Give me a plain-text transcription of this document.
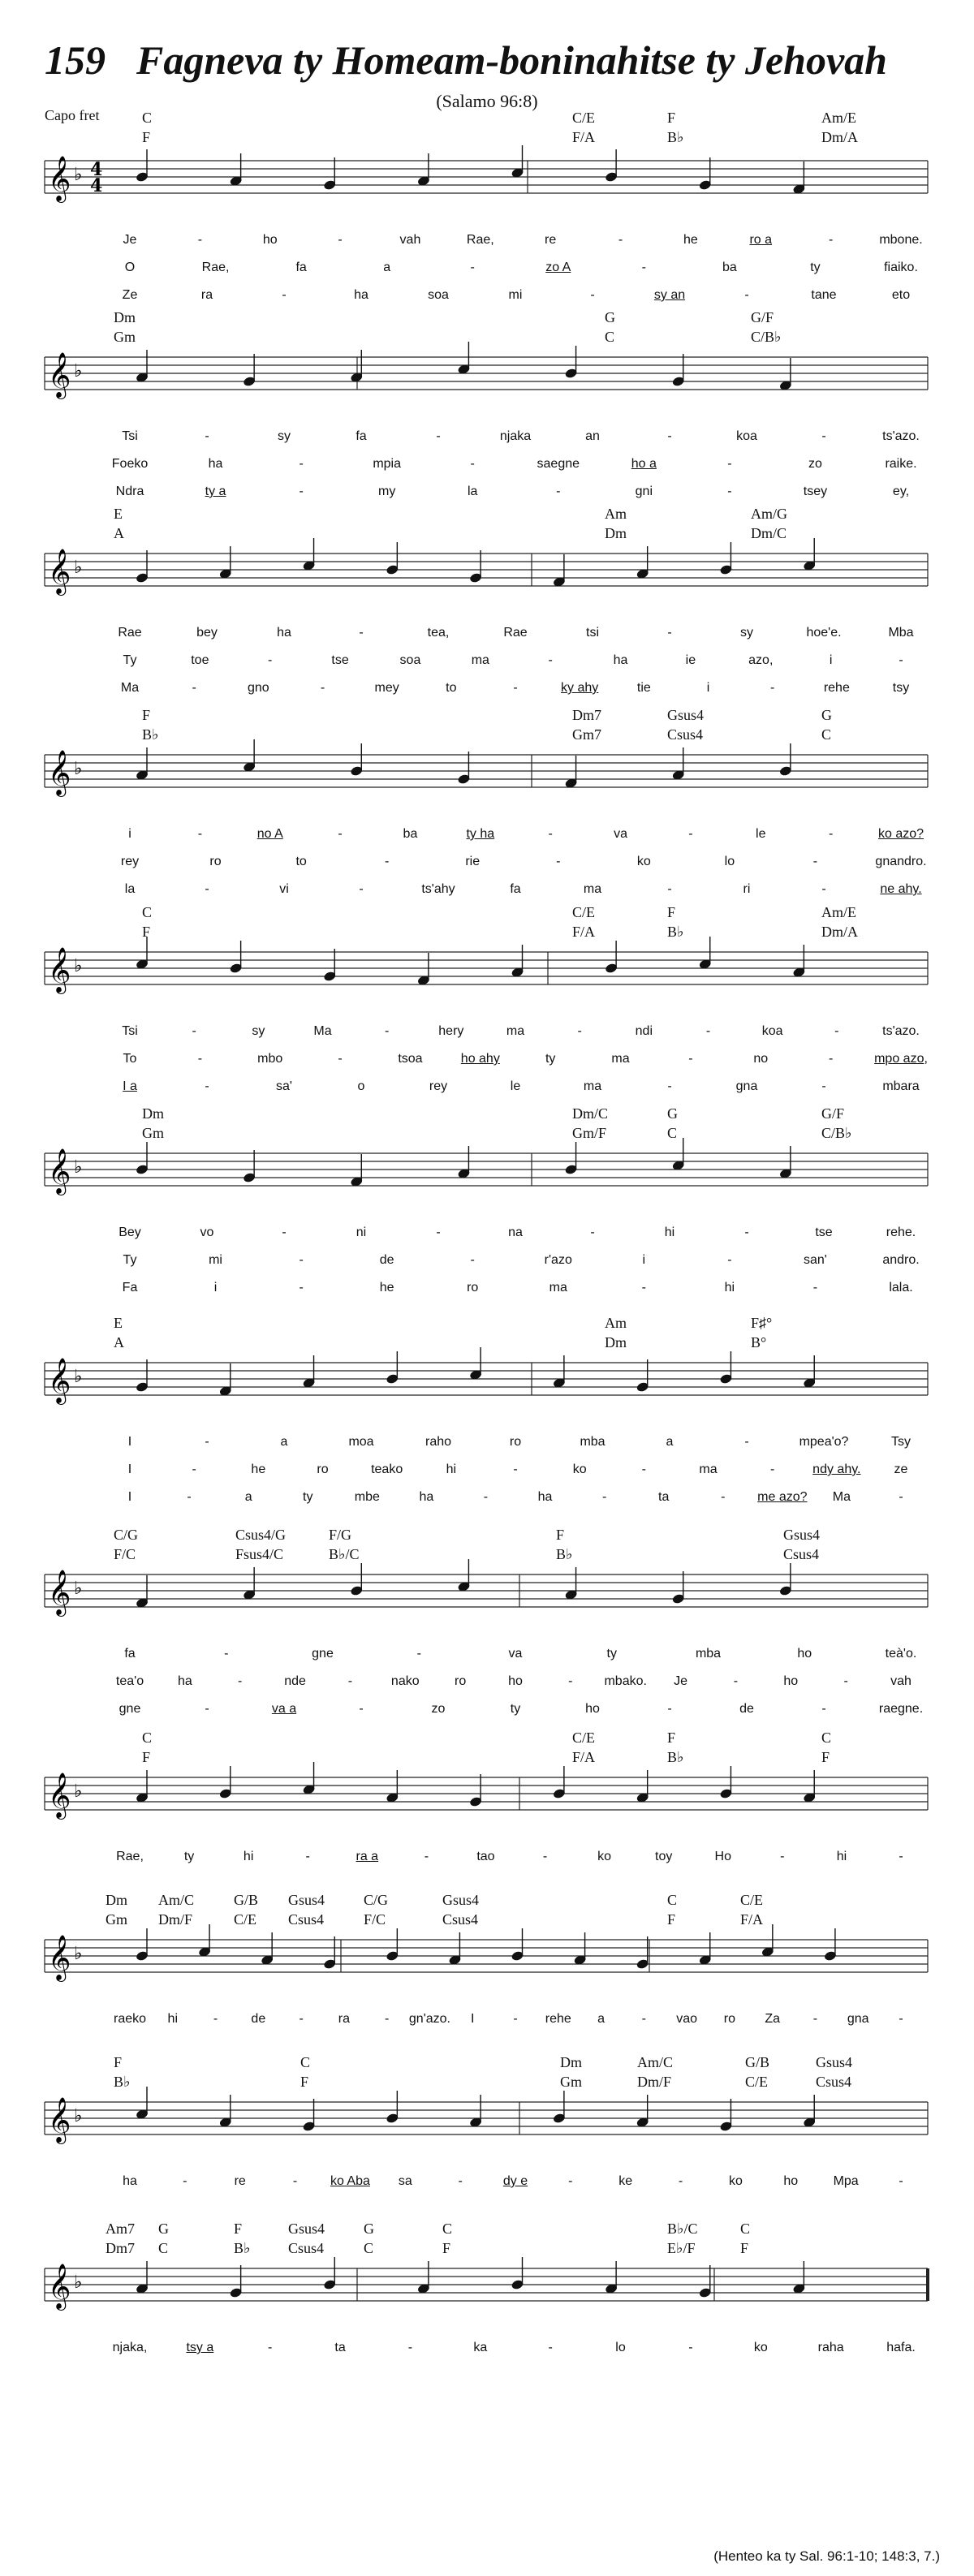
159 Fagneva ty Homeam-boninahitse ty Jehovah
(Salamo 96:8)
Capo fret	C
F
C/E
F/A
F
B♭
Am/E
Dm/A
𝄞 ♭ 4
4
Je	-	ho	-	vah	Rae,	re	-	he	ro a	-	mbone.
O	Rae,	fa	a	-	zo A	-	ba	ty	fiaiko.
Ze	ra	-	ha	soa	mi	-	sy an	-	tane	eto
Dm
Gm
G
C
G/F
C/B♭
𝄞 ♭
Tsi	-	sy	fa	-	njaka	an	-	koa	-	ts'azo.
Foeko	ha	-	mpia	-	saegne	ho a	-	zo	raike.
Ndra	ty a	-	my	la	-	gni	-	tsey	ey,
E
A
Am
Dm
Am/G
Dm/C
𝄞 ♭
Rae	bey	ha	-	tea,	Rae	tsi	-	sy	hoe'e.	Mba
Ty	toe	-	tse	soa	ma	-	ha	ie	azo,	i	-
Ma	-	gno	-	mey	to	-	ky ahy	tie	i	-	rehe	tsy
F
B♭
Dm7
Gm7
Gsus4
Csus4
G
C
𝄞 ♭
i	-	no A	-	ba	ty ha	-	va	-	le	-	ko azo?
rey	ro	to	-	rie	-	ko	lo	-	gnandro.
la	-	vi	-	ts'ahy	fa	ma	-	ri	-	ne ahy.
C
F
C/E
F/A
F
B♭
Am/E
Dm/A
𝄞 ♭
Tsi	-	sy	Ma	-	hery	ma	-	ndi	-	koa	-	ts'azo.
To	-	mbo	-	tsoa	ho ahy	ty	ma	-	no	-	mpo azo,
I a	-	sa'	o	rey	le	ma	-	gna	-	mbara
Dm
Gm
Dm/C
Gm/F
G
C
G/F
C/B♭
𝄞 ♭
Bey	vo	-	ni	-	na	-	hi	-	tse	rehe.
Ty	mi	-	de	-	r'azo	i	-	san'	andro.
Fa	i	-	he	ro	ma	-	hi	-	lala.
E
A
Am
Dm
F♯°
B°
𝄞 ♭
I	-	a	moa	raho	ro	mba	a	-	mpea'o?	Tsy
I	-	he	ro	teako	hi	-	ko	-	ma	-	ndy ahy.	ze
I	-	a	ty	mbe	ha	-	ha	-	ta	- me azo? Ma	-
C/G
F/C
Csus4/G
Fsus4/C
F/G
B♭/C
F
B♭
Gsus4
Csus4
𝄞 ♭
fa	-	gne	-	va	ty	mba	ho	teà'o.
tea'o	ha	-	nde	-	nako	ro	ho	- mbako. Je	-	ho	-	vah
gne	-	va a	-	zo	ty	ho	-	de	-	raegne.
C
F
C/E
F/A
F
B♭
C
F
𝄞 ♭
Rae,	ty	hi	-	ra a	-	tao	-	ko	toy	Ho	-	hi	-
Dm
Gm
Am/C
Dm/F
G/B
C/E
Gsus4
Csus4
C/G
F/C
Gsus4
Csus4
C
F
C/E
F/A
𝄞 ♭
raeko hi	-	de	-	ra	- gn'azo. I	- rehe a	- vao ro Za	- gna -
F
B♭
C
F
Dm
Gm
Am/C
Dm/F
G/B
C/E
Gsus4
Csus4
𝄞 ♭
ha	-	re	-	ko Aba sa	-	dy e	-	ke	-	ko	ho	Mpa	-
Am7
Dm7
G
C
F
B♭
Gsus4
Csus4
G
C
C
F
B♭/C
E♭/F
C
F
𝄞 ♭
njaka,	tsy a	-	ta	-	ka	-	lo	-	ko	raha	hafa.
(Henteo ka ty Sal. 96:1-10; 148:3, 7.)
